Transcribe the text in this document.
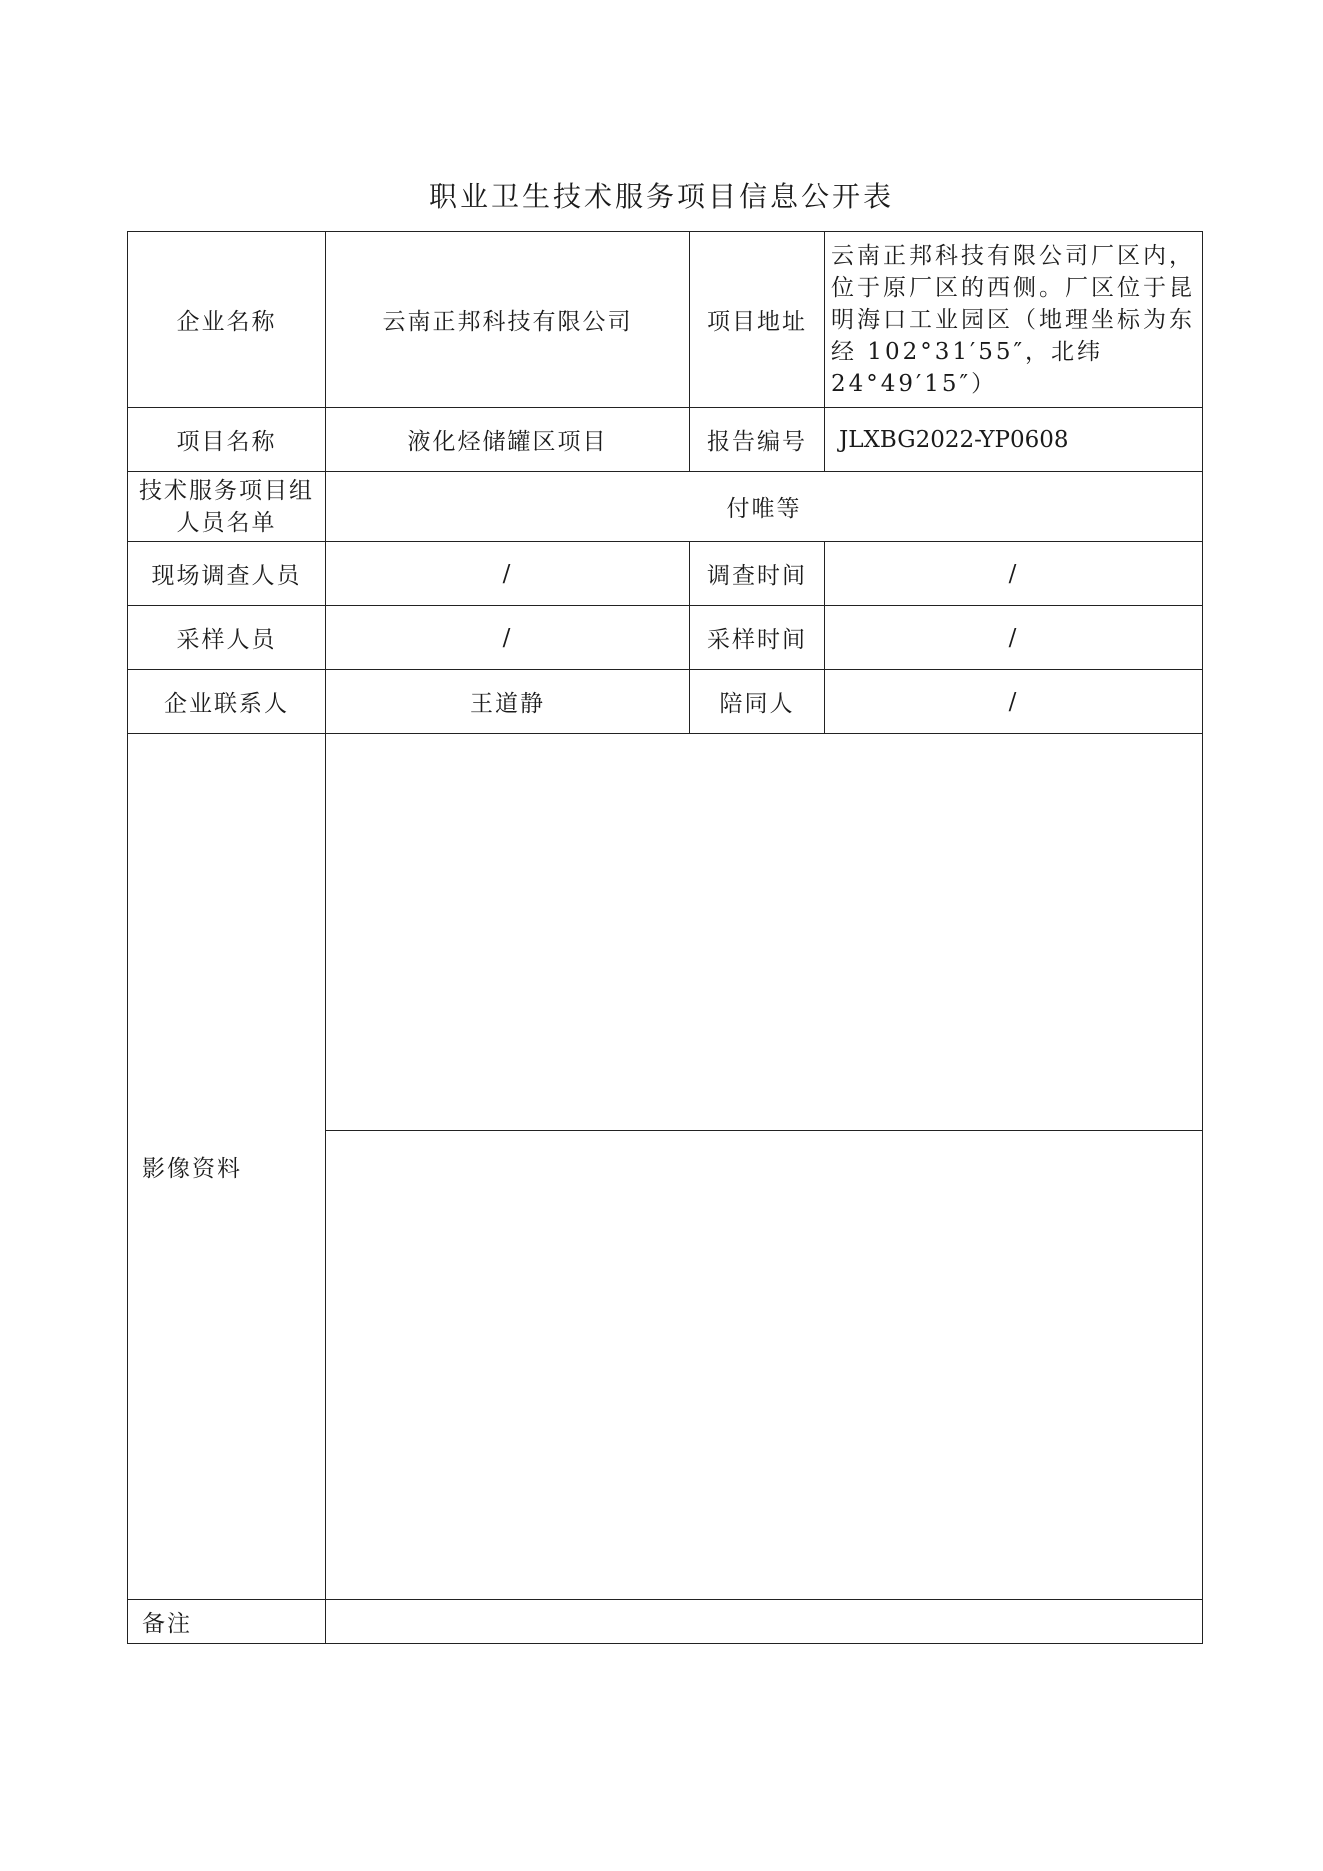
职业卫生技术服务项目信息公开表
企业名称	云南正邦科技有限公司	项目地址	云南正邦科技有限公司厂区内，位于原厂区的西侧。厂区位于昆明海口工业园区（地理坐标为东经 102°31′55″，北纬 24°49′15″）
项目名称	液化烃储罐区项目	报告编号	JLXBG2022-YP0608
技术服务项目组人员名单	付唯等		
现场调查人员	/	调查时间	/
采样人员	/	采样时间	/
企业联系人	王道静	陪同人	/
影像资料			

备注			
